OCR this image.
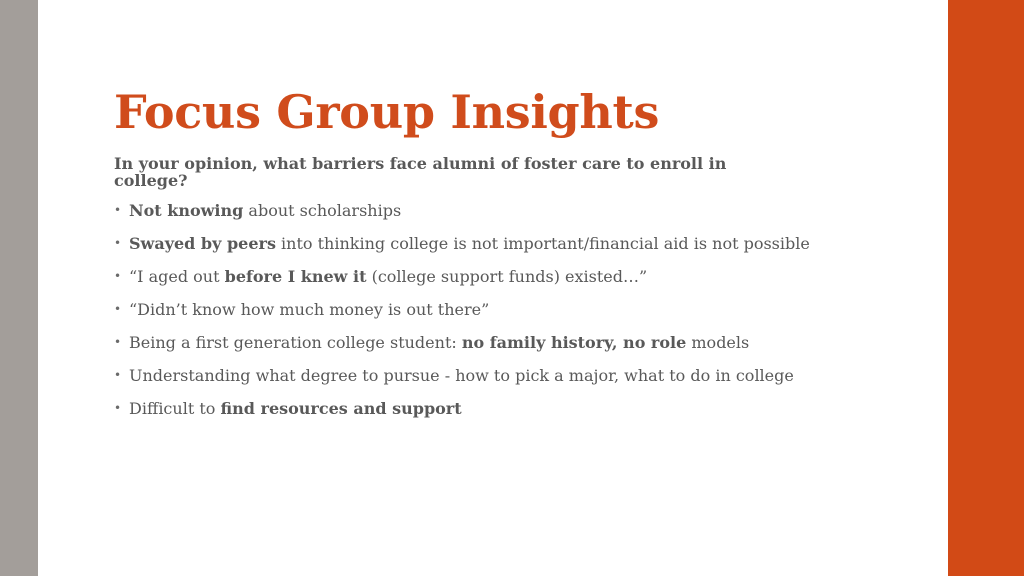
Focus Group Insights

In your opinion, what barriers face alumni of foster care to enroll in college?

• Not knowing about scholarships
• Swayed by peers into thinking college is not important/financial aid is not possible
• “I aged out before I knew it (college support funds) existed…”
• “Didn’t know how much money is out there”
• Being a first generation college student: no family history, no role models
• Understanding what degree to pursue - how to pick a major, what to do in college
• Difficult to find resources and support
